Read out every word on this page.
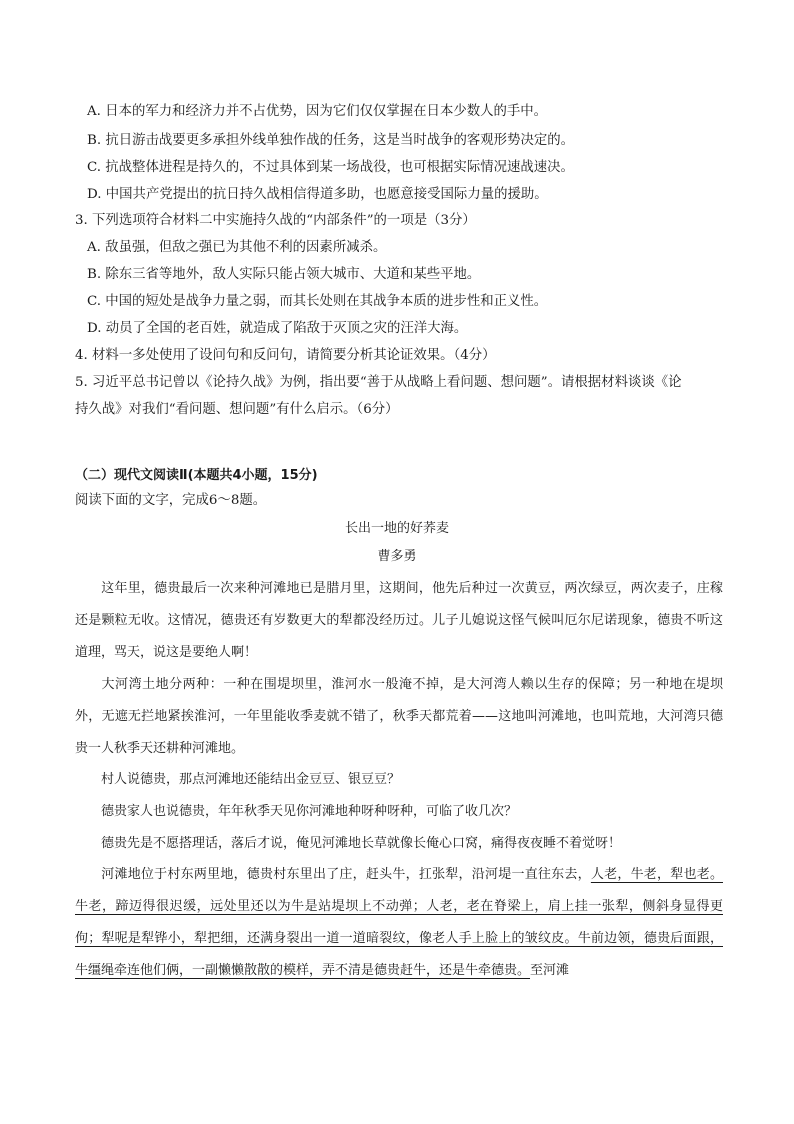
A. 日本的军力和经济力并不占优势，因为它们仅仅掌握在日本少数人的手中。
B. 抗日游击战要更多承担外线单独作战的任务，这是当时战争的客观形势决定的。
C. 抗战整体进程是持久的，不过具体到某一场战役，也可根据实际情况速战速决。
D. 中国共产党提出的抗日持久战相信得道多助，也愿意接受国际力量的援助。
3. 下列选项符合材料二中实施持久战的“内部条件”的一项是（3分）
A. 敌虽强，但敌之强已为其他不利的因素所减杀。
B. 除东三省等地外，敌人实际只能占领大城市、大道和某些平地。
C. 中国的短处是战争力量之弱，而其长处则在其战争本质的进步性和正义性。
D. 动员了全国的老百姓，就造成了陷敌于灭顶之灾的汪洋大海。
4. 材料一多处使用了设问句和反问句，请简要分析其论证效果。（4分）
5. 习近平总书记曾以《论持久战》为例，指出要“善于从战略上看问题、想问题”。请根据材料谈谈《论
持久战》对我们“看问题、想问题”有什么启示。（6分）
（二）现代文阅读Ⅱ(本题共4小题，15分)
阅读下面的文字，完成6～8题。
长出一地的好荞麦
曹多勇
这年里，德贵最后一次来种河滩地已是腊月里，这期间，他先后种过一次黄豆，两次绿豆，两次麦子，庄稼还是颗粒无收。这情况，德贵还有岁数更大的犁都没经历过。儿子儿媳说这怪气候叫厄尔尼诺现象，德贵不听这道理，骂天，说这是要绝人啊！
大河湾土地分两种：一种在围堤坝里，淮河水一般淹不掉，是大河湾人赖以生存的保障；另一种地在堤坝外，无遮无拦地紧挨淮河，一年里能收季麦就不错了，秋季天都荒着——这地叫河滩地，也叫荒地，大河湾只德贵一人秋季天还耕种河滩地。
村人说德贵，那点河滩地还能结出金豆豆、银豆豆？
德贵家人也说德贵，年年秋季天见你河滩地种呀种呀种，可临了收几次？
德贵先是不愿搭理话，落后才说，俺见河滩地长草就像长俺心口窝，痛得夜夜睡不着觉呀！
河滩地位于村东两里地，德贵村东里出了庄，赶头牛，扛张犁，沿河堤一直往东去，人老，牛老，犁也老。牛老，蹄迈得很迟缓，远处里还以为牛是站堤坝上不动弹；人老，老在脊梁上，肩上挂一张犁，侧斜身显得更佝；犁呢是犁铧小，犁把细，还满身裂出一道一道暗裂纹，像老人手上脸上的皱纹皮。牛前边领，德贵后面跟，牛缰绳牵连他们俩，一副懒懒散散的模样，弄不清是德贵赶牛，还是牛牵德贵。至河滩
